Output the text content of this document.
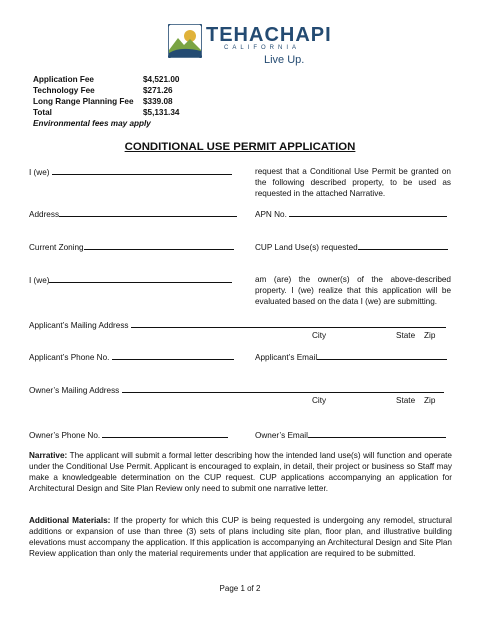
TEHACHAPI
CALIFORNIA
Live Up.
Application Fee	$4,521.00
Technology Fee	$271.26
Long Range Planning Fee $339.08
Total	$5,131.34
Environmental fees may apply
CONDITIONAL USE PERMIT APPLICATION
I (we)	request that a Conditional Use Permit be granted on the following described property, to be used as requested in the attached Narrative.
Address	APN No.
Current Zoning	CUP Land Use(s) requested
I (we)	am (are) the owner(s) of the above-described property. I (we) realize that this application will be evaluated based on the data I (we) are submitting.
Applicant’s Mailing Address
City	State Zip
Applicant’s Phone No.	Applicant’s Email
Owner’s Mailing Address
City	State Zip
Owner’s Phone No.	Owner’s Email
Narrative: The applicant will submit a formal letter describing how the intended land use(s) will function and operate under the Conditional Use Permit. Applicant is encouraged to explain, in detail, their project or business so Staff may make a knowledgeable determination on the CUP request. CUP applications accompanying an application for Architectural Design and Site Plan Review only need to submit one narrative letter.
Additional Materials: If the property for which this CUP is being requested is undergoing any remodel, structural additions or expansion of use than three (3) sets of plans including site plan, floor plan, and illustrative building elevations must accompany the application. If this application is accompanying an Architectural Design and Site Plan Review application than only the material requirements under that application are required to be submitted.
Page 1 of 2
